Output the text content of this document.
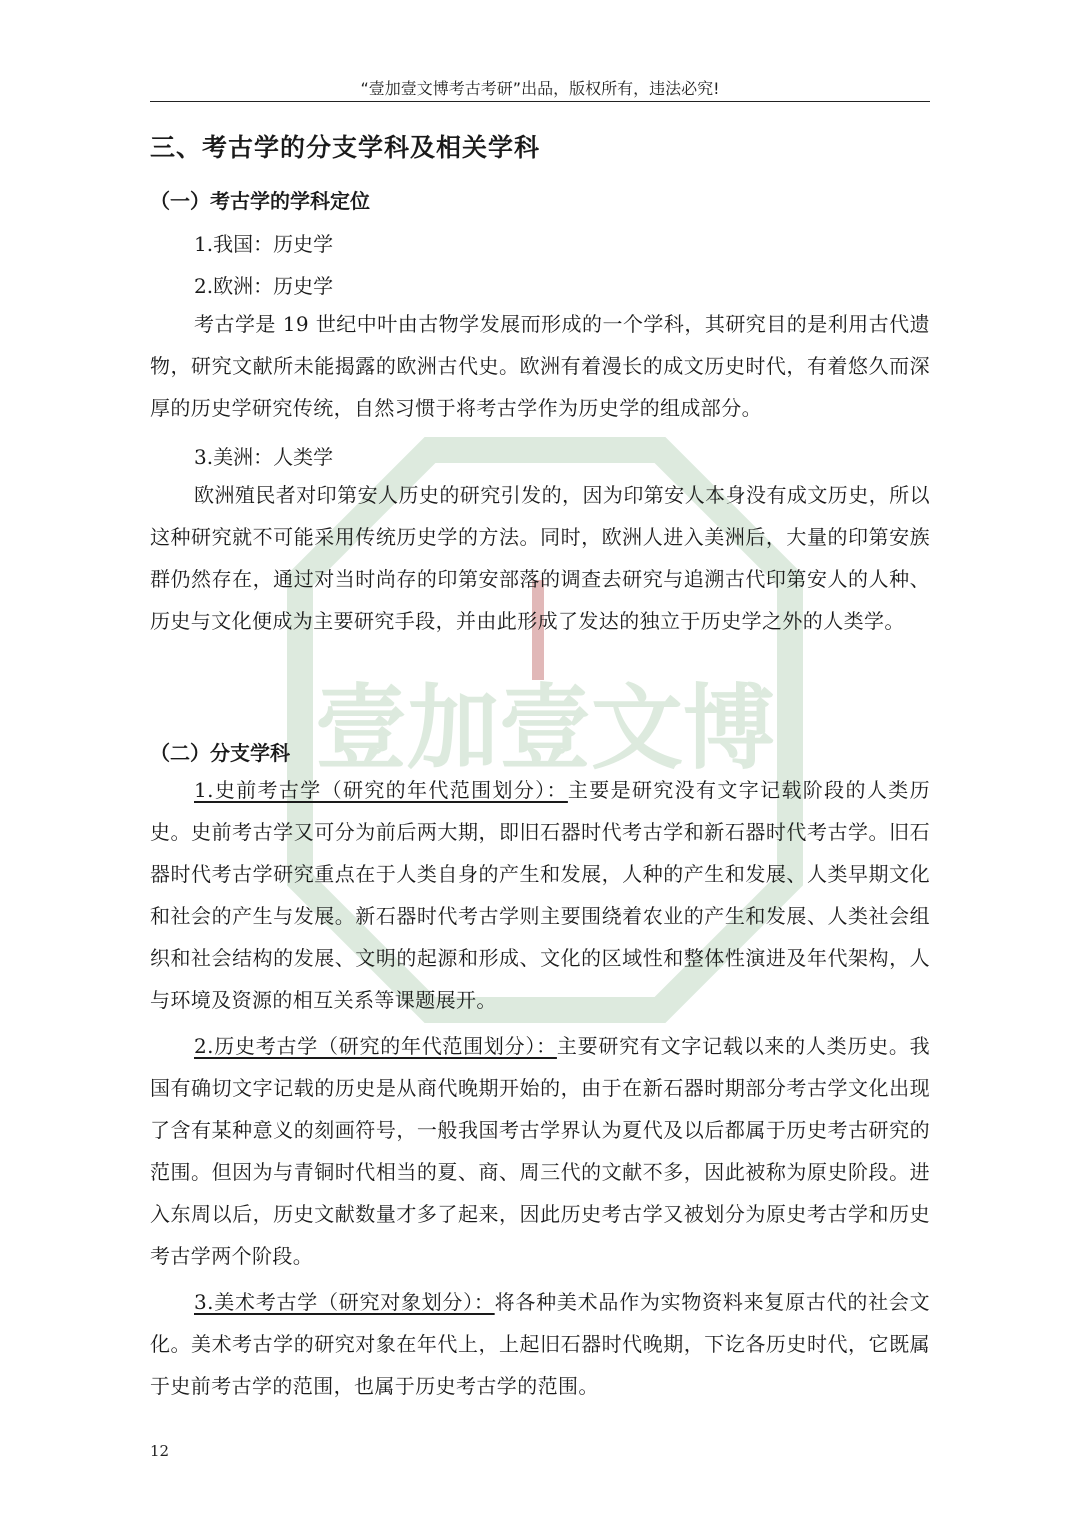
“壹加壹文博考古考研”出品，版权所有，违法必究!
壹加壹文博
三、考古学的分支学科及相关学科
（一）考古学的学科定位
1.我国：历史学
2.欧洲：历史学
考古学是 19 世纪中叶由古物学发展而形成的一个学科，其研究目的是利用古代遗物，研究文献所未能揭露的欧洲古代史。欧洲有着漫长的成文历史时代，有着悠久而深厚的历史学研究传统，自然习惯于将考古学作为历史学的组成部分。
3.美洲：人类学
欧洲殖民者对印第安人历史的研究引发的，因为印第安人本身没有成文历史，所以这种研究就不可能采用传统历史学的方法。同时，欧洲人进入美洲后，大量的印第安族群仍然存在，通过对当时尚存的印第安部落的调查去研究与追溯古代印第安人的人种、历史与文化便成为主要研究手段，并由此形成了发达的独立于历史学之外的人类学。
（二）分支学科
1.史前考古学（研究的年代范围划分）：主要是研究没有文字记载阶段的人类历史。史前考古学又可分为前后两大期，即旧石器时代考古学和新石器时代考古学。旧石器时代考古学研究重点在于人类自身的产生和发展，人种的产生和发展、人类早期文化和社会的产生与发展。新石器时代考古学则主要围绕着农业的产生和发展、人类社会组织和社会结构的发展、文明的起源和形成、文化的区域性和整体性演进及年代架构，人与环境及资源的相互关系等课题展开。
2.历史考古学（研究的年代范围划分）：主要研究有文字记载以来的人类历史。我国有确切文字记载的历史是从商代晚期开始的，由于在新石器时期部分考古学文化出现了含有某种意义的刻画符号，一般我国考古学界认为夏代及以后都属于历史考古研究的范围。但因为与青铜时代相当的夏、商、周三代的文献不多，因此被称为原史阶段。进入东周以后，历史文献数量才多了起来，因此历史考古学又被划分为原史考古学和历史考古学两个阶段。
3.美术考古学（研究对象划分）：将各种美术品作为实物资料来复原古代的社会文化。美术考古学的研究对象在年代上，上起旧石器时代晚期，下讫各历史时代，它既属于史前考古学的范围，也属于历史考古学的范围。
12
